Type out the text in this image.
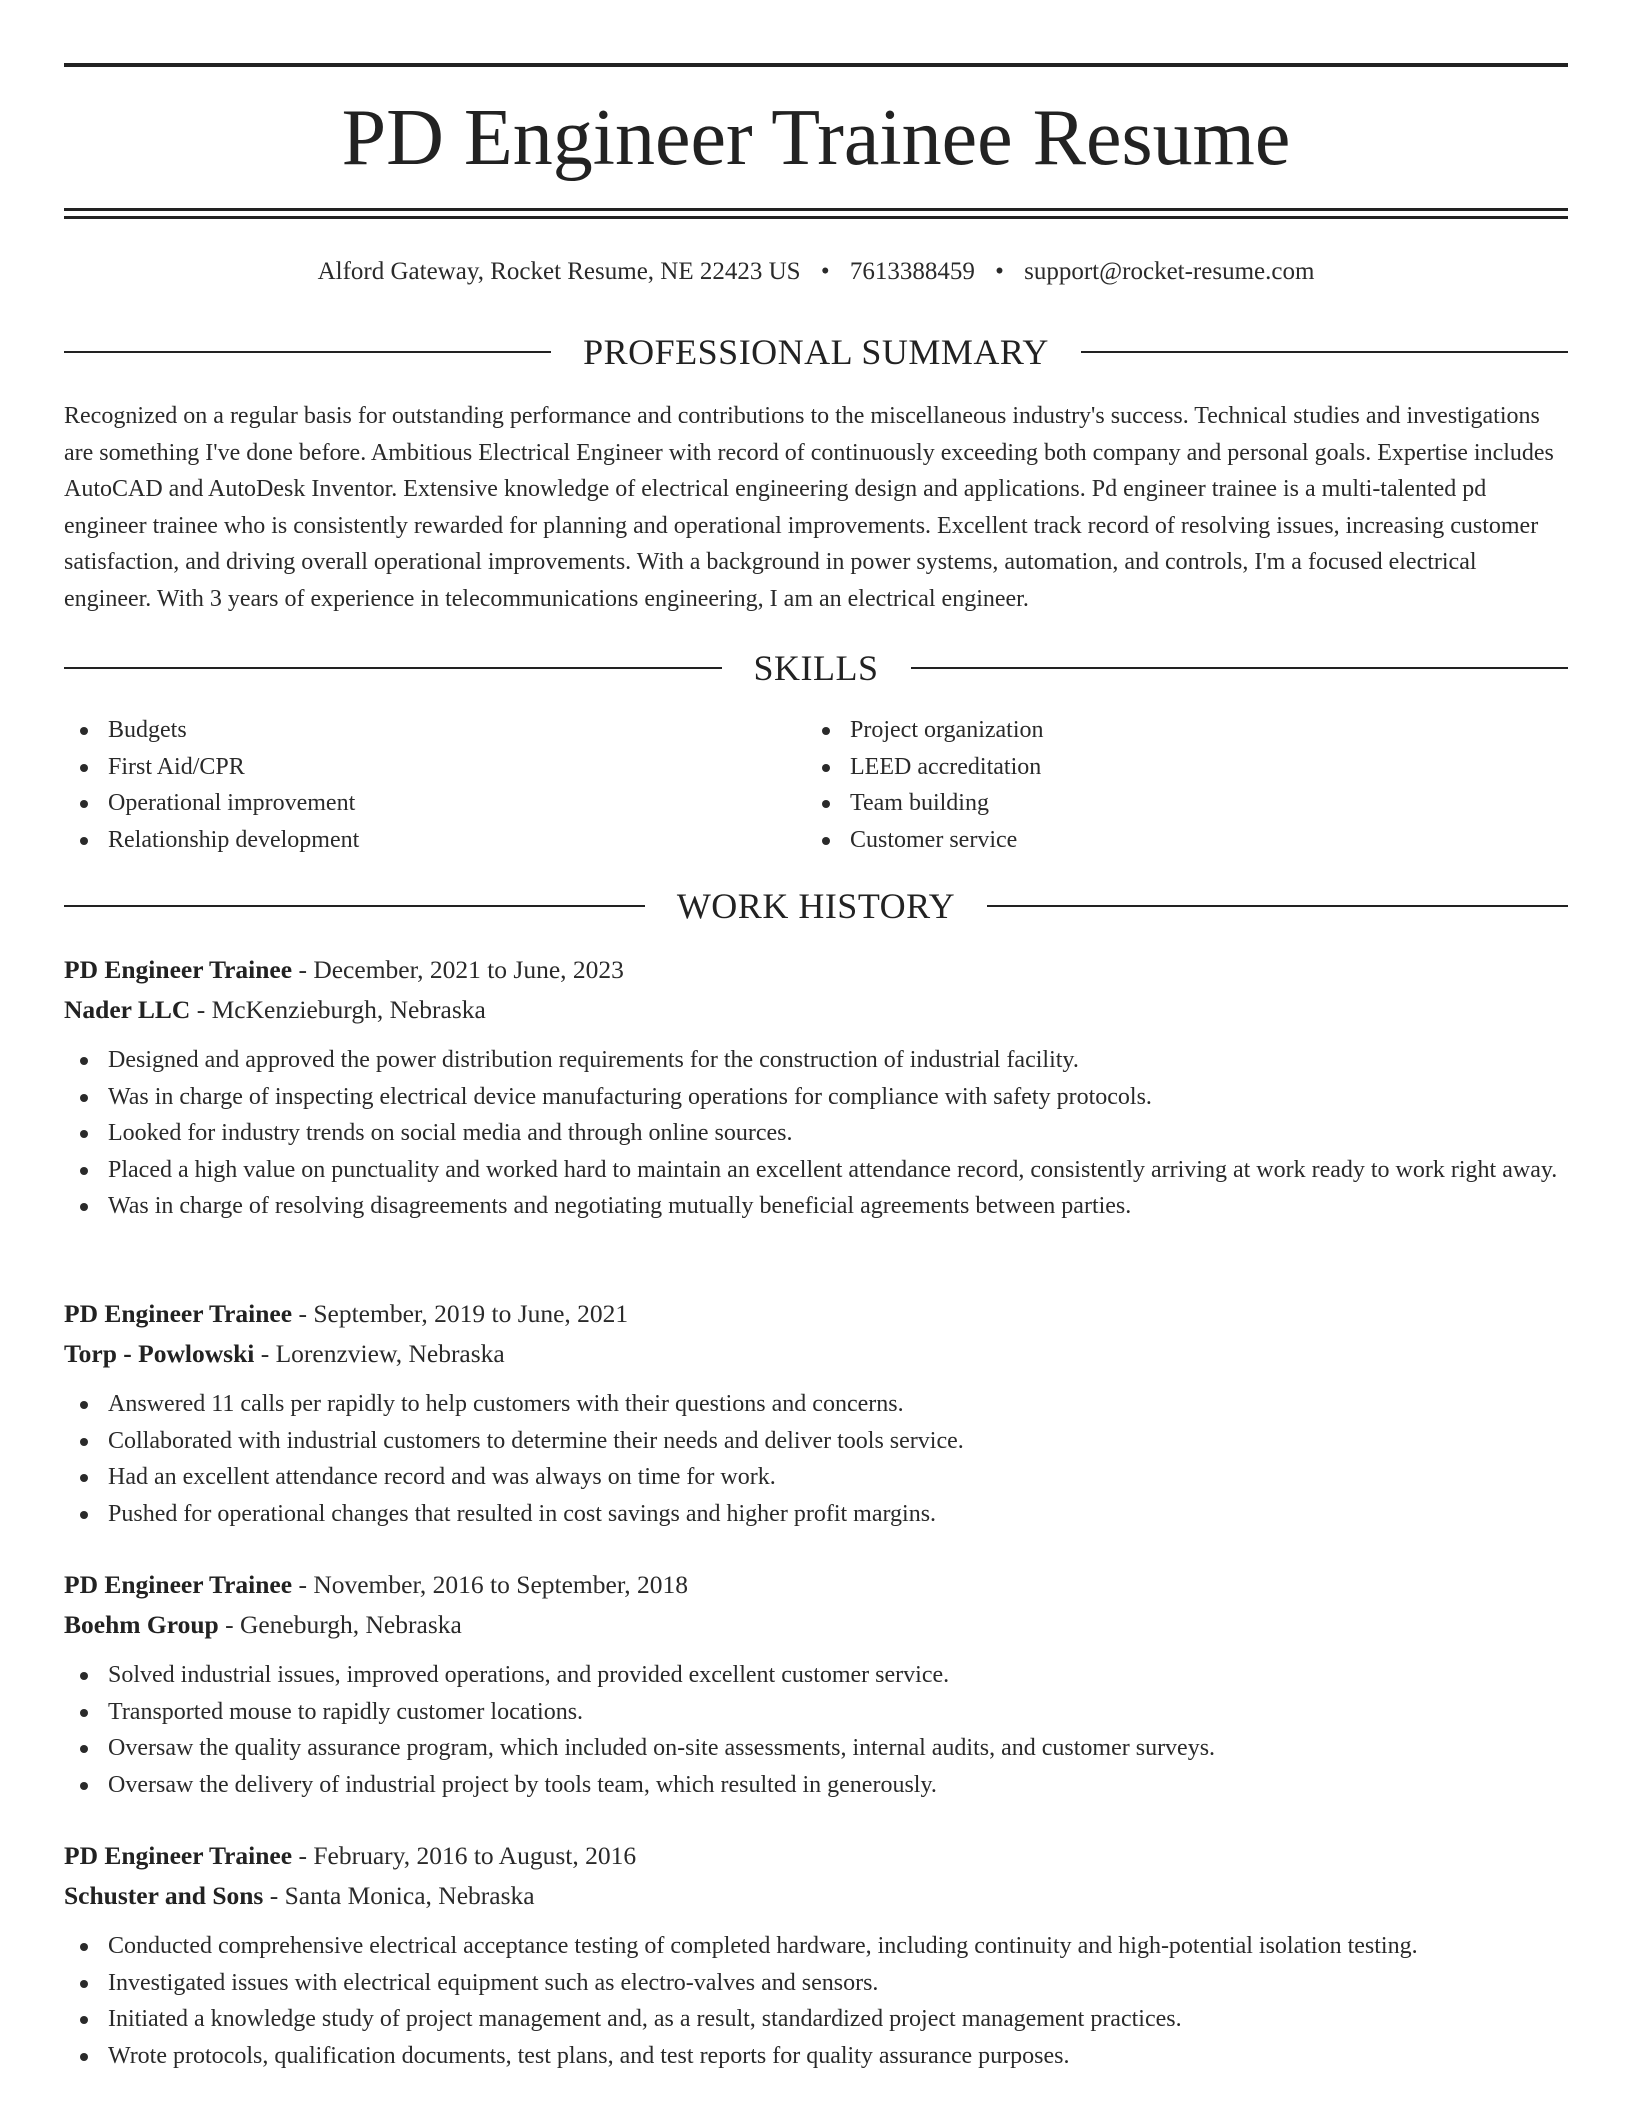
PD Engineer Trainee Resume
Alford Gateway, Rocket Resume, NE 22423 US • 7613388459 • support@rocket-resume.com
PROFESSIONAL SUMMARY

Recognized on a regular basis for outstanding performance and contributions to the miscellaneous industry's success. Technical studies and investigations are something I've done before. Ambitious Electrical Engineer with record of continuously exceeding both company and personal goals. Expertise includes AutoCAD and AutoDesk Inventor. Extensive knowledge of electrical engineering design and applications. Pd engineer trainee is a multi-talented pd engineer trainee who is consistently rewarded for planning and operational improvements. Excellent track record of resolving issues, increasing customer satisfaction, and driving overall operational improvements. With a background in power systems, automation, and controls, I'm a focused electrical engineer. With 3 years of experience in telecommunications engineering, I am an electrical engineer.

SKILLS
Budgets
First Aid/CPR
Operational improvement
Relationship development
Project organization
LEED accreditation
Team building
Customer service
WORK HISTORY
PD Engineer Trainee - December, 2021 to June, 2023
Nader LLC - McKenzieburgh, Nebraska
Designed and approved the power distribution requirements for the construction of industrial facility.
Was in charge of inspecting electrical device manufacturing operations for compliance with safety protocols.
Looked for industry trends on social media and through online sources.
Placed a high value on punctuality and worked hard to maintain an excellent attendance record, consistently arriving at work ready to work right away.
Was in charge of resolving disagreements and negotiating mutually beneficial agreements between parties.
PD Engineer Trainee - September, 2019 to June, 2021
Torp - Powlowski - Lorenzview, Nebraska
Answered 11 calls per rapidly to help customers with their questions and concerns.
Collaborated with industrial customers to determine their needs and deliver tools service.
Had an excellent attendance record and was always on time for work.
Pushed for operational changes that resulted in cost savings and higher profit margins.
PD Engineer Trainee - November, 2016 to September, 2018
Boehm Group - Geneburgh, Nebraska
Solved industrial issues, improved operations, and provided excellent customer service.
Transported mouse to rapidly customer locations.
Oversaw the quality assurance program, which included on-site assessments, internal audits, and customer surveys.
Oversaw the delivery of industrial project by tools team, which resulted in generously.
PD Engineer Trainee - February, 2016 to August, 2016
Schuster and Sons - Santa Monica, Nebraska
Conducted comprehensive electrical acceptance testing of completed hardware, including continuity and high-potential isolation testing.
Investigated issues with electrical equipment such as electro-valves and sensors.
Initiated a knowledge study of project management and, as a result, standardized project management practices.
Wrote protocols, qualification documents, test plans, and test reports for quality assurance purposes.
